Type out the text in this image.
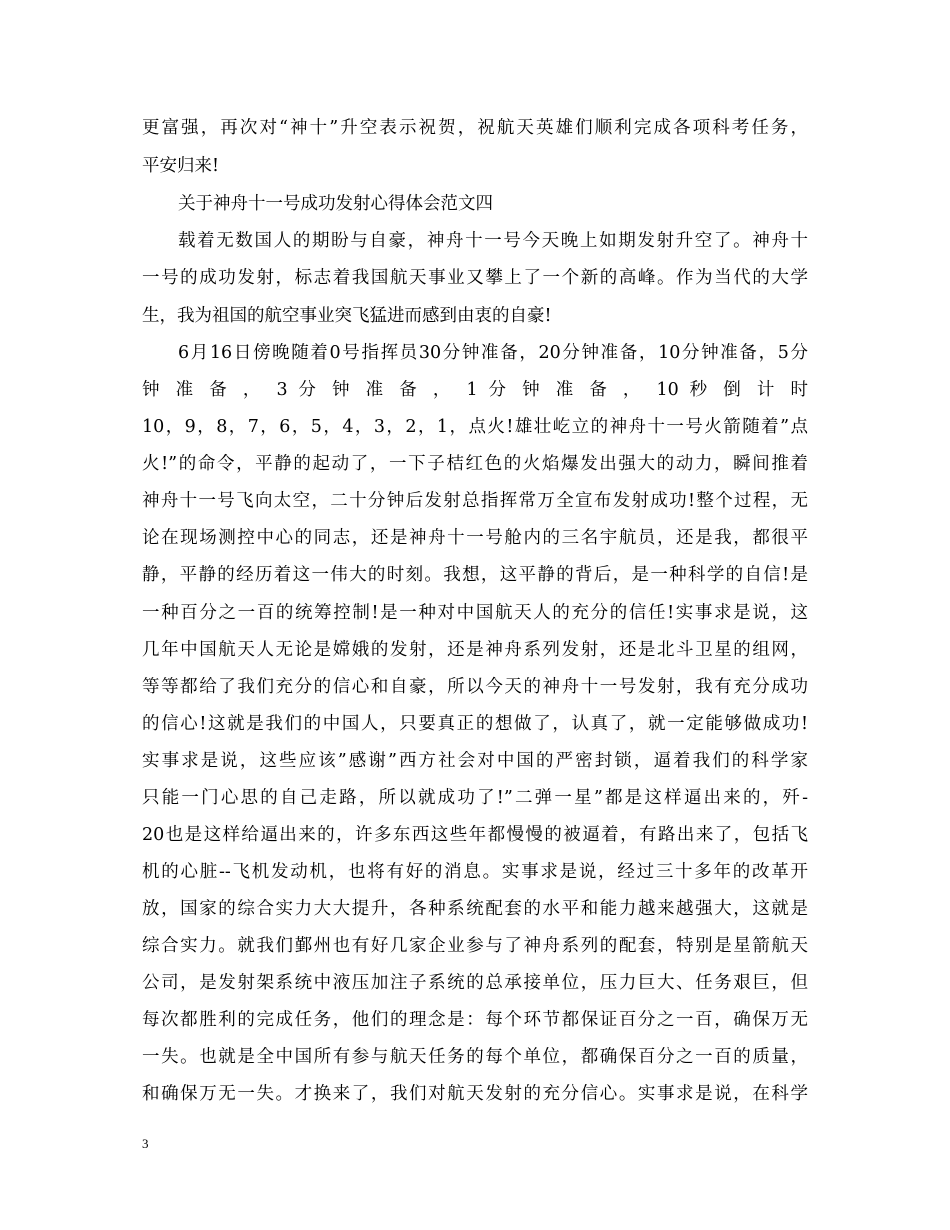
更富强，再次对“神十”升空表示祝贺，祝航天英雄们顺利完成各项科考任务，
平安归来!
关于神舟十一号成功发射心得体会范文四
载着无数国人的期盼与自豪，神舟十一号今天晚上如期发射升空了。神舟十
一号的成功发射，标志着我国航天事业又攀上了一个新的高峰。作为当代的大学
生，我为祖国的航空事业突飞猛进而感到由衷的自豪!
6月16日傍晚随着0号指挥员30分钟准备，20分钟准备，10分钟准备，5分
钟 准 备 ， 3 分 钟 准 备 ， 1 分 钟 准 备 ， 10 秒 倒 计 时
10，9，8，7，6，5，4，3，2，1，点火!雄壮屹立的神舟十一号火箭随着”点
火!”的命令，平静的起动了，一下子桔红色的火焰爆发出强大的动力，瞬间推着
神舟十一号飞向太空，二十分钟后发射总指挥常万全宣布发射成功!整个过程，无
论在现场测控中心的同志，还是神舟十一号舱内的三名宇航员，还是我，都很平
静，平静的经历着这一伟大的时刻。我想，这平静的背后，是一种科学的自信!是
一种百分之一百的统筹控制!是一种对中国航天人的充分的信任!实事求是说，这
几年中国航天人无论是嫦娥的发射，还是神舟系列发射，还是北斗卫星的组网，
等等都给了我们充分的信心和自豪，所以今天的神舟十一号发射，我有充分成功
的信心!这就是我们的中国人，只要真正的想做了，认真了，就一定能够做成功!
实事求是说，这些应该”感谢”西方社会对中国的严密封锁，逼着我们的科学家
只能一门心思的自己走路，所以就成功了!”二弹一星”都是这样逼出来的，歼-
20也是这样给逼出来的，许多东西这些年都慢慢的被逼着，有路出来了，包括飞
机的心脏--飞机发动机，也将有好的消息。实事求是说，经过三十多年的改革开
放，国家的综合实力大大提升，各种系统配套的水平和能力越来越强大，这就是
综合实力。就我们鄞州也有好几家企业参与了神舟系列的配套，特别是星箭航天
公司，是发射架系统中液压加注子系统的总承接单位，压力巨大、任务艰巨，但
每次都胜利的完成任务，他们的理念是：每个环节都保证百分之一百，确保万无
一失。也就是全中国所有参与航天任务的每个单位，都确保百分之一百的质量，
和确保万无一失。才换来了，我们对航天发射的充分信心。实事求是说，在科学
3
